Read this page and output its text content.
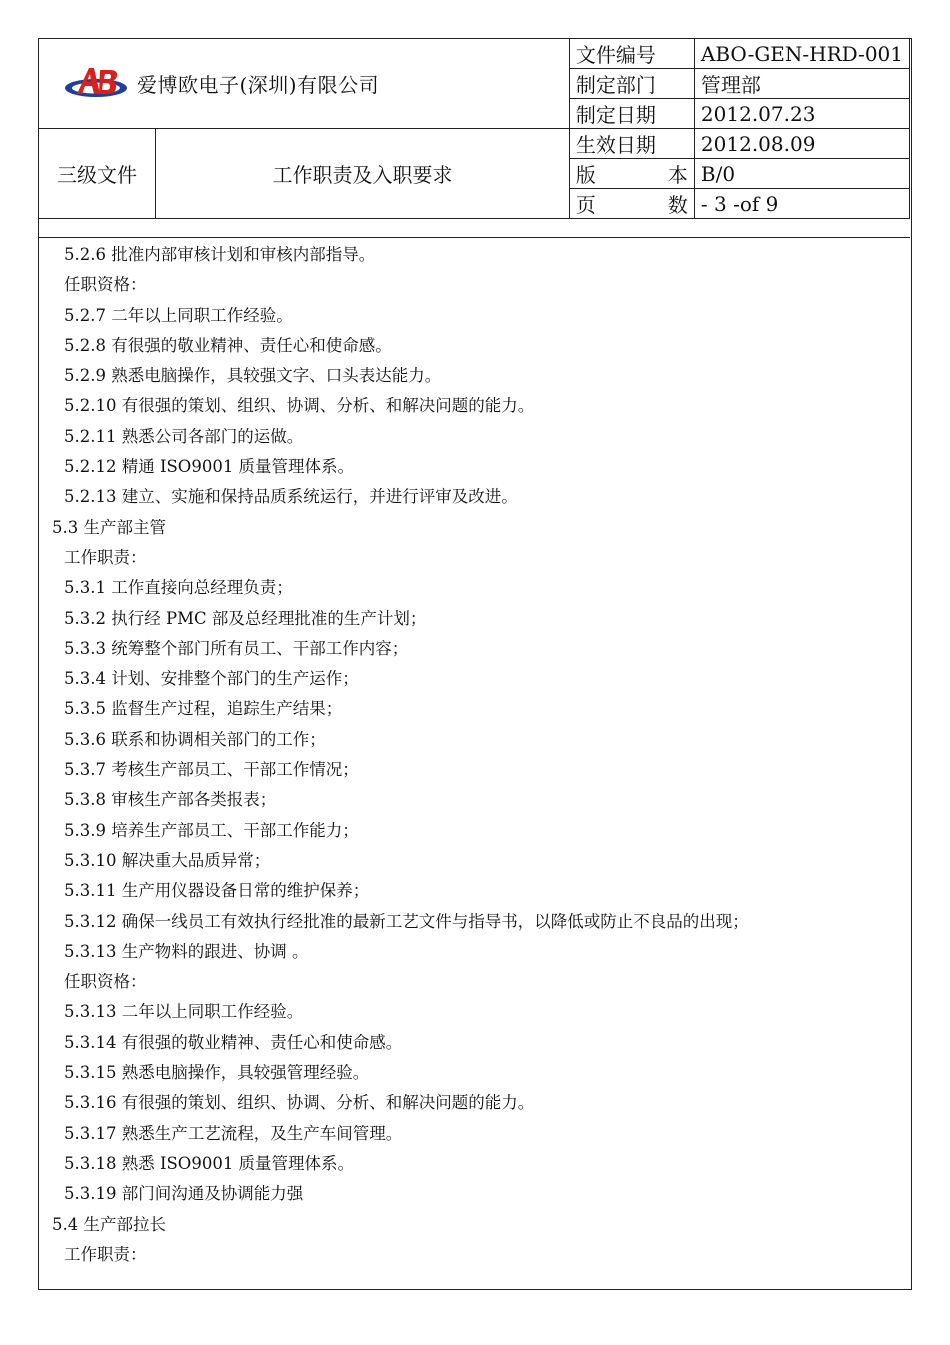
爱博欧电子(深圳)有限公司		文件编号	ABO-GEN-HRD-001
		制定部门	管理部
		制定日期	2012.07.23
三级文件	工作职责及入职要求	生效日期	2012.08.09
		版本	B/0
		页数	- 3 -of 9
5.2.6 批准内部审核计划和审核内部指导。
任职资格：
5.2.7 二年以上同职工作经验。
5.2.8 有很强的敬业精神、责任心和使命感。
5.2.9 熟悉电脑操作，具较强文字、口头表达能力。
5.2.10 有很强的策划、组织、协调、分析、和解决问题的能力。
5.2.11 熟悉公司各部门的运做。
5.2.12 精通 ISO9001 质量管理体系。
5.2.13 建立、实施和保持品质系统运行，并进行评审及改进。
5.3 生产部主管
工作职责：
5.3.1 工作直接向总经理负责；
5.3.2 执行经 PMC 部及总经理批准的生产计划；
5.3.3 统筹整个部门所有员工、干部工作内容；
5.3.4 计划、安排整个部门的生产运作；
5.3.5 监督生产过程，追踪生产结果；
5.3.6 联系和协调相关部门的工作；
5.3.7 考核生产部员工、干部工作情况；
5.3.8 审核生产部各类报表；
5.3.9 培养生产部员工、干部工作能力；
5.3.10 解决重大品质异常；
5.3.11 生产用仪器设备日常的维护保养；
5.3.12 确保一线员工有效执行经批准的最新工艺文件与指导书，以降低或防止不良品的出现；
5.3.13 生产物料的跟进、协调 。
任职资格：
5.3.13 二年以上同职工作经验。
5.3.14 有很强的敬业精神、责任心和使命感。
5.3.15 熟悉电脑操作，具较强管理经验。
5.3.16 有很强的策划、组织、协调、分析、和解决问题的能力。
5.3.17 熟悉生产工艺流程，及生产车间管理。
5.3.18 熟悉 ISO9001 质量管理体系。
5.3.19 部门间沟通及协调能力强
5.4 生产部拉长
工作职责：
